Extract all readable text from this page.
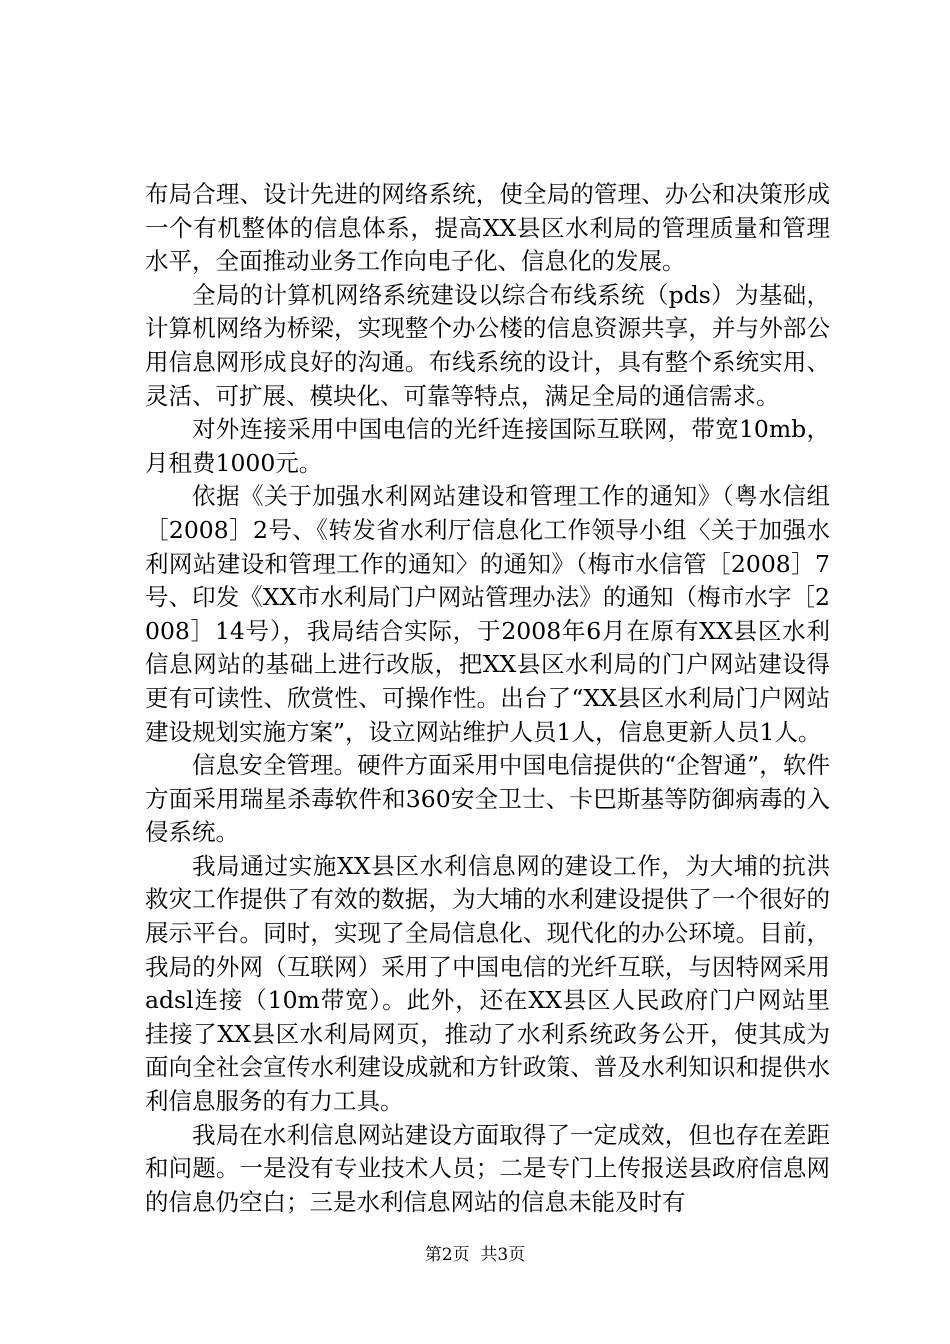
布局合理、设计先进的网络系统，使全局的管理、办公和决策形成一个有机整体的信息体系，提高XX县区水利局的管理质量和管理水平，全面推动业务工作向电子化、信息化的发展。

全局的计算机网络系统建设以综合布线系统（pds）为基础，计算机网络为桥梁，实现整个办公楼的信息资源共享，并与外部公用信息网形成良好的沟通。布线系统的设计，具有整个系统实用、灵活、可扩展、模块化、可靠等特点，满足全局的通信需求。

对外连接采用中国电信的光纤连接国际互联网，带宽10mb，月租费1000元。

依据《关于加强水利网站建设和管理工作的通知》（粤水信组［2008］2号、《转发省水利厅信息化工作领导小组〈关于加强水利网站建设和管理工作的通知〉的通知》（梅市水信管［2008］7号、印发《XX市水利局门户网站管理办法》的通知（梅市水字［2008］14号），我局结合实际，于2008年6月在原有XX县区水利信息网站的基础上进行改版，把XX县区水利局的门户网站建设得更有可读性、欣赏性、可操作性。出台了“XX县区水利局门户网站建设规划实施方案”，设立网站维护人员1人，信息更新人员1人。

信息安全管理。硬件方面采用中国电信提供的“企智通”，软件方面采用瑞星杀毒软件和360安全卫士、卡巴斯基等防御病毒的入侵系统。

我局通过实施XX县区水利信息网的建设工作，为大埔的抗洪救灾工作提供了有效的数据，为大埔的水利建设提供了一个很好的展示平台。同时，实现了全局信息化、现代化的办公环境。目前，我局的外网（互联网）采用了中国电信的光纤互联，与因特网采用adsl连接（10m带宽）。此外，还在XX县区人民政府门户网站里挂接了XX县区水利局网页，推动了水利系统政务公开，使其成为面向全社会宣传水利建设成就和方针政策、普及水利知识和提供水利信息服务的有力工具。

我局在水利信息网站建设方面取得了一定成效，但也存在差距和问题。一是没有专业技术人员；二是专门上传报送县政府信息网的信息仍空白；三是水利信息网站的信息未能及时有

第2页  共3页
